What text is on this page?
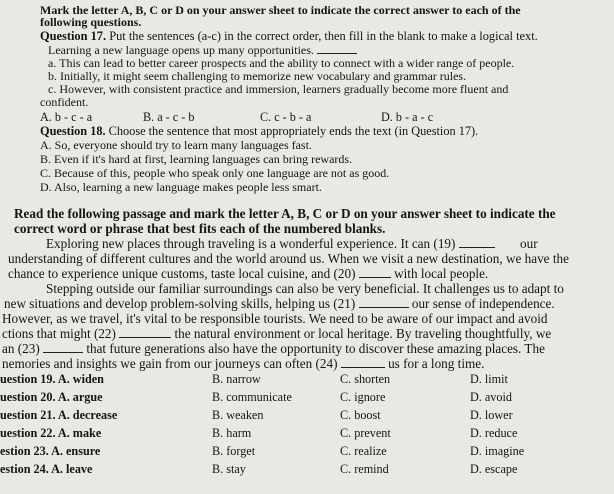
Mark the letter A, B, C or D on your answer sheet to indicate the correct answer to each of the
following questions.
Question 17. Put the sentences (a-c) in the correct order, then fill in the blank to make a logical text.
Learning a new language opens up many opportunities.
a. This can lead to better career prospects and the ability to connect with a wider range of people.
b. Initially, it might seem challenging to memorize new vocabulary and grammar rules.
c. However, with consistent practice and immersion, learners gradually become more fluent and
confident.
A. b - c - a	B. a - c - b	C. c - b - a	D. b - a - c
Question 18. Choose the sentence that most appropriately ends the text (in Question 17).
A. So, everyone should try to learn many languages fast.
B. Even if it's hard at first, learning languages can bring rewards.
C. Because of this, people who speak only one language are not as good.
D. Also, learning a new language makes people less smart.
Read the following passage and mark the letter A, B, C or D on your answer sheet to indicate the
correct word or phrase that best fits each of the numbered blanks.
Exploring new places through traveling is a wonderful experience. It can (19)	our
understanding of different cultures and the world around us. When we visit a new destination, we have the
chance to experience unique customs, taste local cuisine, and (20)	with local people.
Stepping outside our familiar surroundings can also be very beneficial. It challenges us to adapt to
new situations and develop problem-solving skills, helping us (21)	our sense of independence.
However, as we travel, it's vital to be responsible tourists. We need to be aware of our impact and avoid
ctions that might (22)	the natural environment or local heritage. By traveling thoughtfully, we
an (23)	that future generations also have the opportunity to discover these amazing places. The
nemories and insights we gain from our journeys can often (24)	us for a long time.
uestion 19. A. widen	B. narrow	C. shorten	D. limit
uestion 20. A. argue	B. communicate	C. ignore	D. avoid
uestion 21. A. decrease	B. weaken	C. boost	D. lower
uestion 22. A. make	B. harm	C. prevent	D. reduce
estion 23. A. ensure	B. forget	C. realize	D. imagine
estion 24. A. leave	B. stay	C. remind	D. escape
